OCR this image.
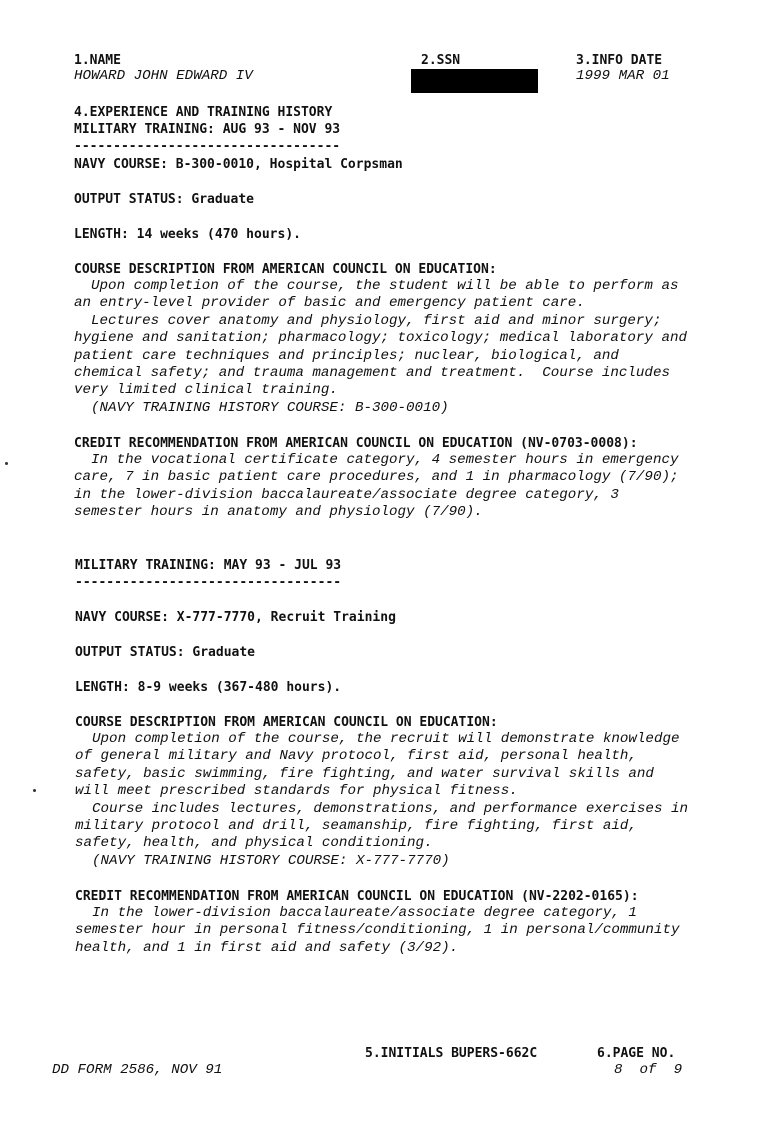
1.NAME
HOWARD JOHN EDWARD IV
2.SSN	3.INFO DATE
1999 MAR 01
4.EXPERIENCE AND TRAINING HISTORY
MILITARY TRAINING: AUG 93 - NOV 93
----------------------------------
NAVY COURSE: B-300-0010, Hospital Corpsman
OUTPUT STATUS: Graduate
LENGTH: 14 weeks (470 hours).
COURSE DESCRIPTION FROM AMERICAN COUNCIL ON EDUCATION:
Upon completion of the course, the student will be able to perform as
an entry-level provider of basic and emergency patient care.
Lectures cover anatomy and physiology, first aid and minor surgery;
hygiene and sanitation; pharmacology; toxicology; medical laboratory and
patient care techniques and principles; nuclear, biological, and
chemical safety; and trauma management and treatment.  Course includes
very limited clinical training.
(NAVY TRAINING HISTORY COURSE: B-300-0010)
CREDIT RECOMMENDATION FROM AMERICAN COUNCIL ON EDUCATION (NV-0703-0008):
In the vocational certificate category, 4 semester hours in emergency
care, 7 in basic patient care procedures, and 1 in pharmacology (7/90);
in the lower-division baccalaureate/associate degree category, 3
semester hours in anatomy and physiology (7/90).
MILITARY TRAINING: MAY 93 - JUL 93
----------------------------------
NAVY COURSE: X-777-7770, Recruit Training
OUTPUT STATUS: Graduate
LENGTH: 8-9 weeks (367-480 hours).
COURSE DESCRIPTION FROM AMERICAN COUNCIL ON EDUCATION:
Upon completion of the course, the recruit will demonstrate knowledge
of general military and Navy protocol, first aid, personal health,
safety, basic swimming, fire fighting, and water survival skills and
will meet prescribed standards for physical fitness.
Course includes lectures, demonstrations, and performance exercises in
military protocol and drill, seamanship, fire fighting, first aid,
safety, health, and physical conditioning.
(NAVY TRAINING HISTORY COURSE: X-777-7770)
CREDIT RECOMMENDATION FROM AMERICAN COUNCIL ON EDUCATION (NV-2202-0165):
In the lower-division baccalaureate/associate degree category, 1
semester hour in personal fitness/conditioning, 1 in personal/community
health, and 1 in first aid and safety (3/92).
5.INITIALS BUPERS-662C	6.PAGE NO.
8  of  9
DD FORM 2586, NOV 91
